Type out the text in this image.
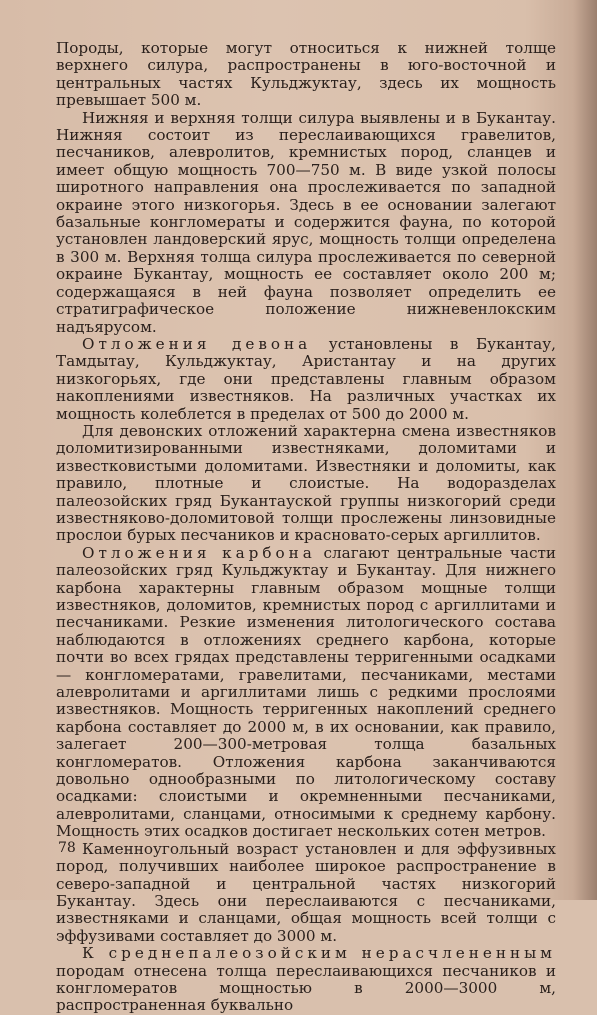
Породы, которые могут относиться к нижней толще верхнего силура, распространены в юго-восточной и центральных частях Кульджуктау, здесь их мощность превышает 500 м.

Нижняя и верхняя толщи силура выявлены и в Букантау. Нижняя состоит из переслаивающихся гравелитов, песчаников, алевролитов, кремнистых пород, сланцев и имеет общую мощность 700—750 м. В виде узкой полосы широтного направления она прослеживается по западной окраине этого низкогорья. Здесь в ее основании залегают базальные конгломераты и содержится фауна, по которой установлен ландоверский ярус, мощность толщи определена в 300 м. Верхняя толща силура прослеживается по северной окраине Букантау, мощность ее составляет около 200 м; содержащаяся в ней фауна позволяет определить ее стратиграфическое положение нижневенлокским надъярусом.

Отложения девона установлены в Букантау, Тамдытау, Кульджуктау, Аристантау и на других низкогорьях, где они представлены главным образом накоплениями известняков. На различных участках их мощность колеблется в пределах от 500 до 2000 м.

Для девонских отложений характерна смена известняков доломитизированными известняками, доломитами и известковистыми доломитами. Известняки и доломиты, как правило, плотные и слоистые. На водоразделах палеозойских гряд Букантауской группы низкогорий среди известняково-доломитовой толщи прослежены линзовидные прослои бурых песчаников и красновато-серых аргиллитов.

Отложения карбона слагают центральные части палеозойских гряд Кульджуктау и Букантау. Для нижнего карбона характерны главным образом мощные толщи известняков, доломитов, кремнистых пород с аргиллитами и песчаниками. Резкие изменения литологического состава наблюдаются в отложениях среднего карбона, которые почти во всех грядах представлены терригенными осадками — конгломератами, гравелитами, песчаниками, местами алевролитами и аргиллитами лишь с редкими прослоями известняков. Мощность терригенных накоплений среднего карбона составляет до 2000 м, в их основании, как правило, залегает 200—300-метровая толща базальных конгломератов. Отложения карбона заканчиваются довольно однообразными по литологическому составу осадками: слоистыми и окремненными песчаниками, алевролитами, сланцами, относимыми к среднему карбону. Мощность этих осадков достигает нескольких сотен метров.

Каменноугольный возраст установлен и для эффузивных пород, получивших наиболее широкое распространение в северо-западной и центральной частях низкогорий Букантау. Здесь они переслаиваются с песчаниками, известняками и сланцами, общая мощность всей толщи с эффузивами составляет до 3000 м.

К среднепалеозойским нерасчлененным породам отнесена толща переслаивающихся песчаников и конгломератов мощностью в 2000—3000 м, распространенная буквально

78
